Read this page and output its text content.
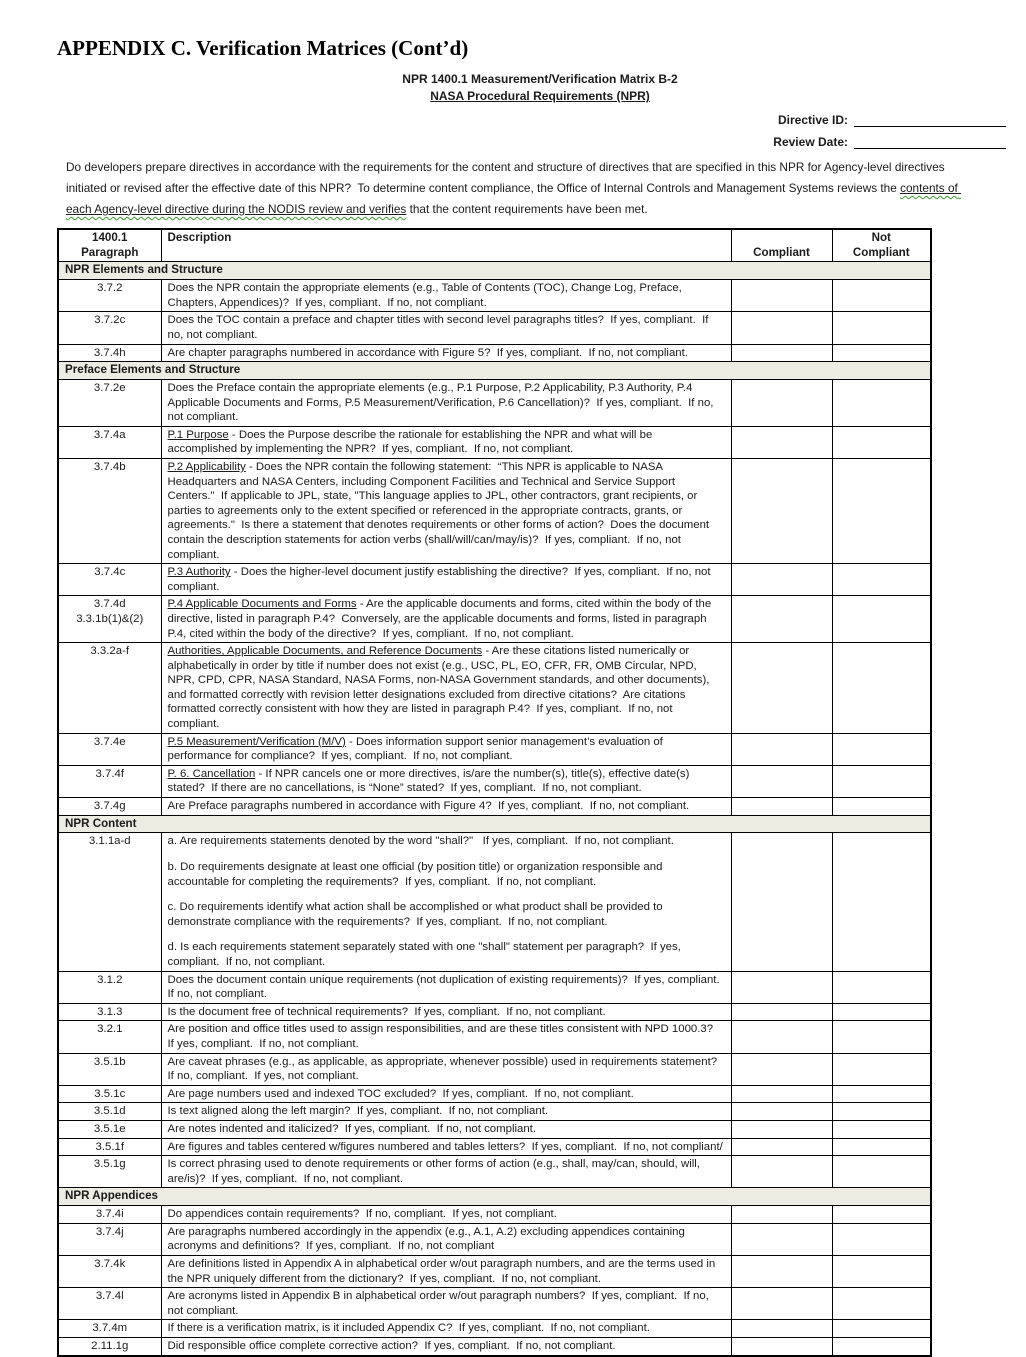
APPENDIX C. Verification Matrices (Cont’d)
NPR 1400.1 Measurement/Verification Matrix B-2
NASA Procedural Requirements (NPR)
Directive ID:
Review Date:

Do developers prepare directives in accordance with the requirements for the content and structure of directives that are specified in this NPR for Agency-level directives initiated or revised after the effective date of this NPR?  To determine content compliance, the Office of Internal Controls and Management Systems reviews the contents of each Agency-level directive during the NODIS review and verifies that the content requirements have been met.

1400.1
Paragraph	Description	Compliant	Not
Compliant
NPR Elements and Structure			
3.7.2	Does the NPR contain the appropriate elements (e.g., Table of Contents (TOC), Change Log, Preface, Chapters, Appendices)?  If yes, compliant.  If no, not compliant.		

3.7.2c	Does the TOC contain a preface and chapter titles with second level paragraphs titles?  If yes, compliant.  If no, not compliant.		

3.7.4h	Are chapter paragraphs numbered in accordance with Figure 5?  If yes, compliant.  If no, not compliant.		

Preface Elements and Structure			
3.7.2e	Does the Preface contain the appropriate elements (e.g., P.1 Purpose, P.2 Applicability, P.3 Authority, P.4 Applicable Documents and Forms, P.5 Measurement/Verification, P.6 Cancellation)?  If yes, compliant.  If no, not compliant.		

3.7.4a	P.1 Purpose - Does the Purpose describe the rationale for establishing the NPR and what will be accomplished by implementing the NPR?  If yes, compliant.  If no, not compliant.		

3.7.4b	P.2 Applicability - Does the NPR contain the following statement:  “This NPR is applicable to NASA Headquarters and NASA Centers, including Component Facilities and Technical and Service Support Centers."  If applicable to JPL, state, "This language applies to JPL, other contractors, grant recipients, or parties to agreements only to the extent specified or referenced in the appropriate contracts, grants, or agreements."  Is there a statement that denotes requirements or other forms of action?  Does the document contain the description statements for action verbs (shall/will/can/may/is)?  If yes, compliant.  If no, not compliant.		

3.7.4c	P.3 Authority - Does the higher-level document justify establishing the directive?  If yes, compliant.  If no, not compliant.		

3.7.4d
3.3.1b(1)&(2)	P.4 Applicable Documents and Forms - Are the applicable documents and forms, cited within the body of the directive, listed in paragraph P.4?  Conversely, are the applicable documents and forms, listed in paragraph P.4, cited within the body of the directive?  If yes, compliant.  If no, not compliant.		

3.3.2a-f	Authorities, Applicable Documents, and Reference Documents - Are these citations listed numerically or alphabetically in order by title if number does not exist (e.g., USC, PL, EO, CFR, FR, OMB Circular, NPD, NPR, CPD, CPR, NASA Standard, NASA Forms, non-NASA Government standards, and other documents), and formatted correctly with revision letter designations excluded from directive citations?  Are citations formatted correctly consistent with how they are listed in paragraph P.4?  If yes, compliant.  If no, not compliant.		

3.7.4e	P.5 Measurement/Verification (M/V) - Does information support senior management’s evaluation of performance for compliance?  If yes, compliant.  If no, not compliant.		

3.7.4f	P. 6. Cancellation - If NPR cancels one or more directives, is/are the number(s), title(s), effective date(s) stated?  If there are no cancellations, is “None” stated?  If yes, compliant.  If no, not compliant.		

3.7.4g	Are Preface paragraphs numbered in accordance with Figure 4?  If yes, compliant.  If no, not compliant.		

NPR Content			
3.1.1a-d	a. Are requirements statements denoted by the word "shall?"   If yes, compliant.  If no, not compliant.
b. Do requirements designate at least one official (by position title) or organization responsible and accountable for completing the requirements?  If yes, compliant.  If no, not compliant.
c. Do requirements identify what action shall be accomplished or what product shall be provided to demonstrate compliance with the requirements?  If yes, compliant.  If no, not compliant.
d. Is each requirements statement separately stated with one "shall" statement per paragraph?  If yes, compliant.  If no, not compliant.		

3.1.2	Does the document contain unique requirements (not duplication of existing requirements)?  If yes, compliant.  If no, not compliant.		

3.1.3	Is the document free of technical requirements?  If yes, compliant.  If no, not compliant.		

3.2.1	Are position and office titles used to assign responsibilities, and are these titles consistent with NPD 1000.3?  If yes, compliant.  If no, not compliant.		

3.5.1b	Are caveat phrases (e.g., as applicable, as appropriate, whenever possible) used in requirements statement?  If no, compliant.  If yes, not compliant.		

3.5.1c	Are page numbers used and indexed TOC excluded?  If yes, compliant.  If no, not compliant.		

3.5.1d	Is text aligned along the left margin?  If yes, compliant.  If no, not compliant.		

3.5.1e	Are notes indented and italicized?  If yes, compliant.  If no, not compliant.		

3.5.1f	Are figures and tables centered w/figures numbered and tables letters?  If yes, compliant.  If no, not compliant/		

3.5.1g	Is correct phrasing used to denote requirements or other forms of action (e.g., shall, may/can, should, will, are/is)?  If yes, compliant.  If no, not compliant.		

NPR Appendices			
3.7.4i	Do appendices contain requirements?  If no, compliant.  If yes, not compliant.		

3.7.4j	Are paragraphs numbered accordingly in the appendix (e.g., A.1, A.2) excluding appendices containing acronyms and definitions?  If yes, compliant.  If no, not compliant		

3.7.4k	Are definitions listed in Appendix A in alphabetical order w/out paragraph numbers, and are the terms used in the NPR uniquely different from the dictionary?  If yes, compliant.  If no, not compliant.		

3.7.4l	Are acronyms listed in Appendix B in alphabetical order w/out paragraph numbers?  If yes, compliant.  If no, not compliant.		

3.7.4m	If there is a verification matrix, is it included Appendix C?  If yes, compliant.  If no, not compliant.		

2.11.1g	Did responsible office complete corrective action?  If yes, compliant.  If no, not compliant.		
